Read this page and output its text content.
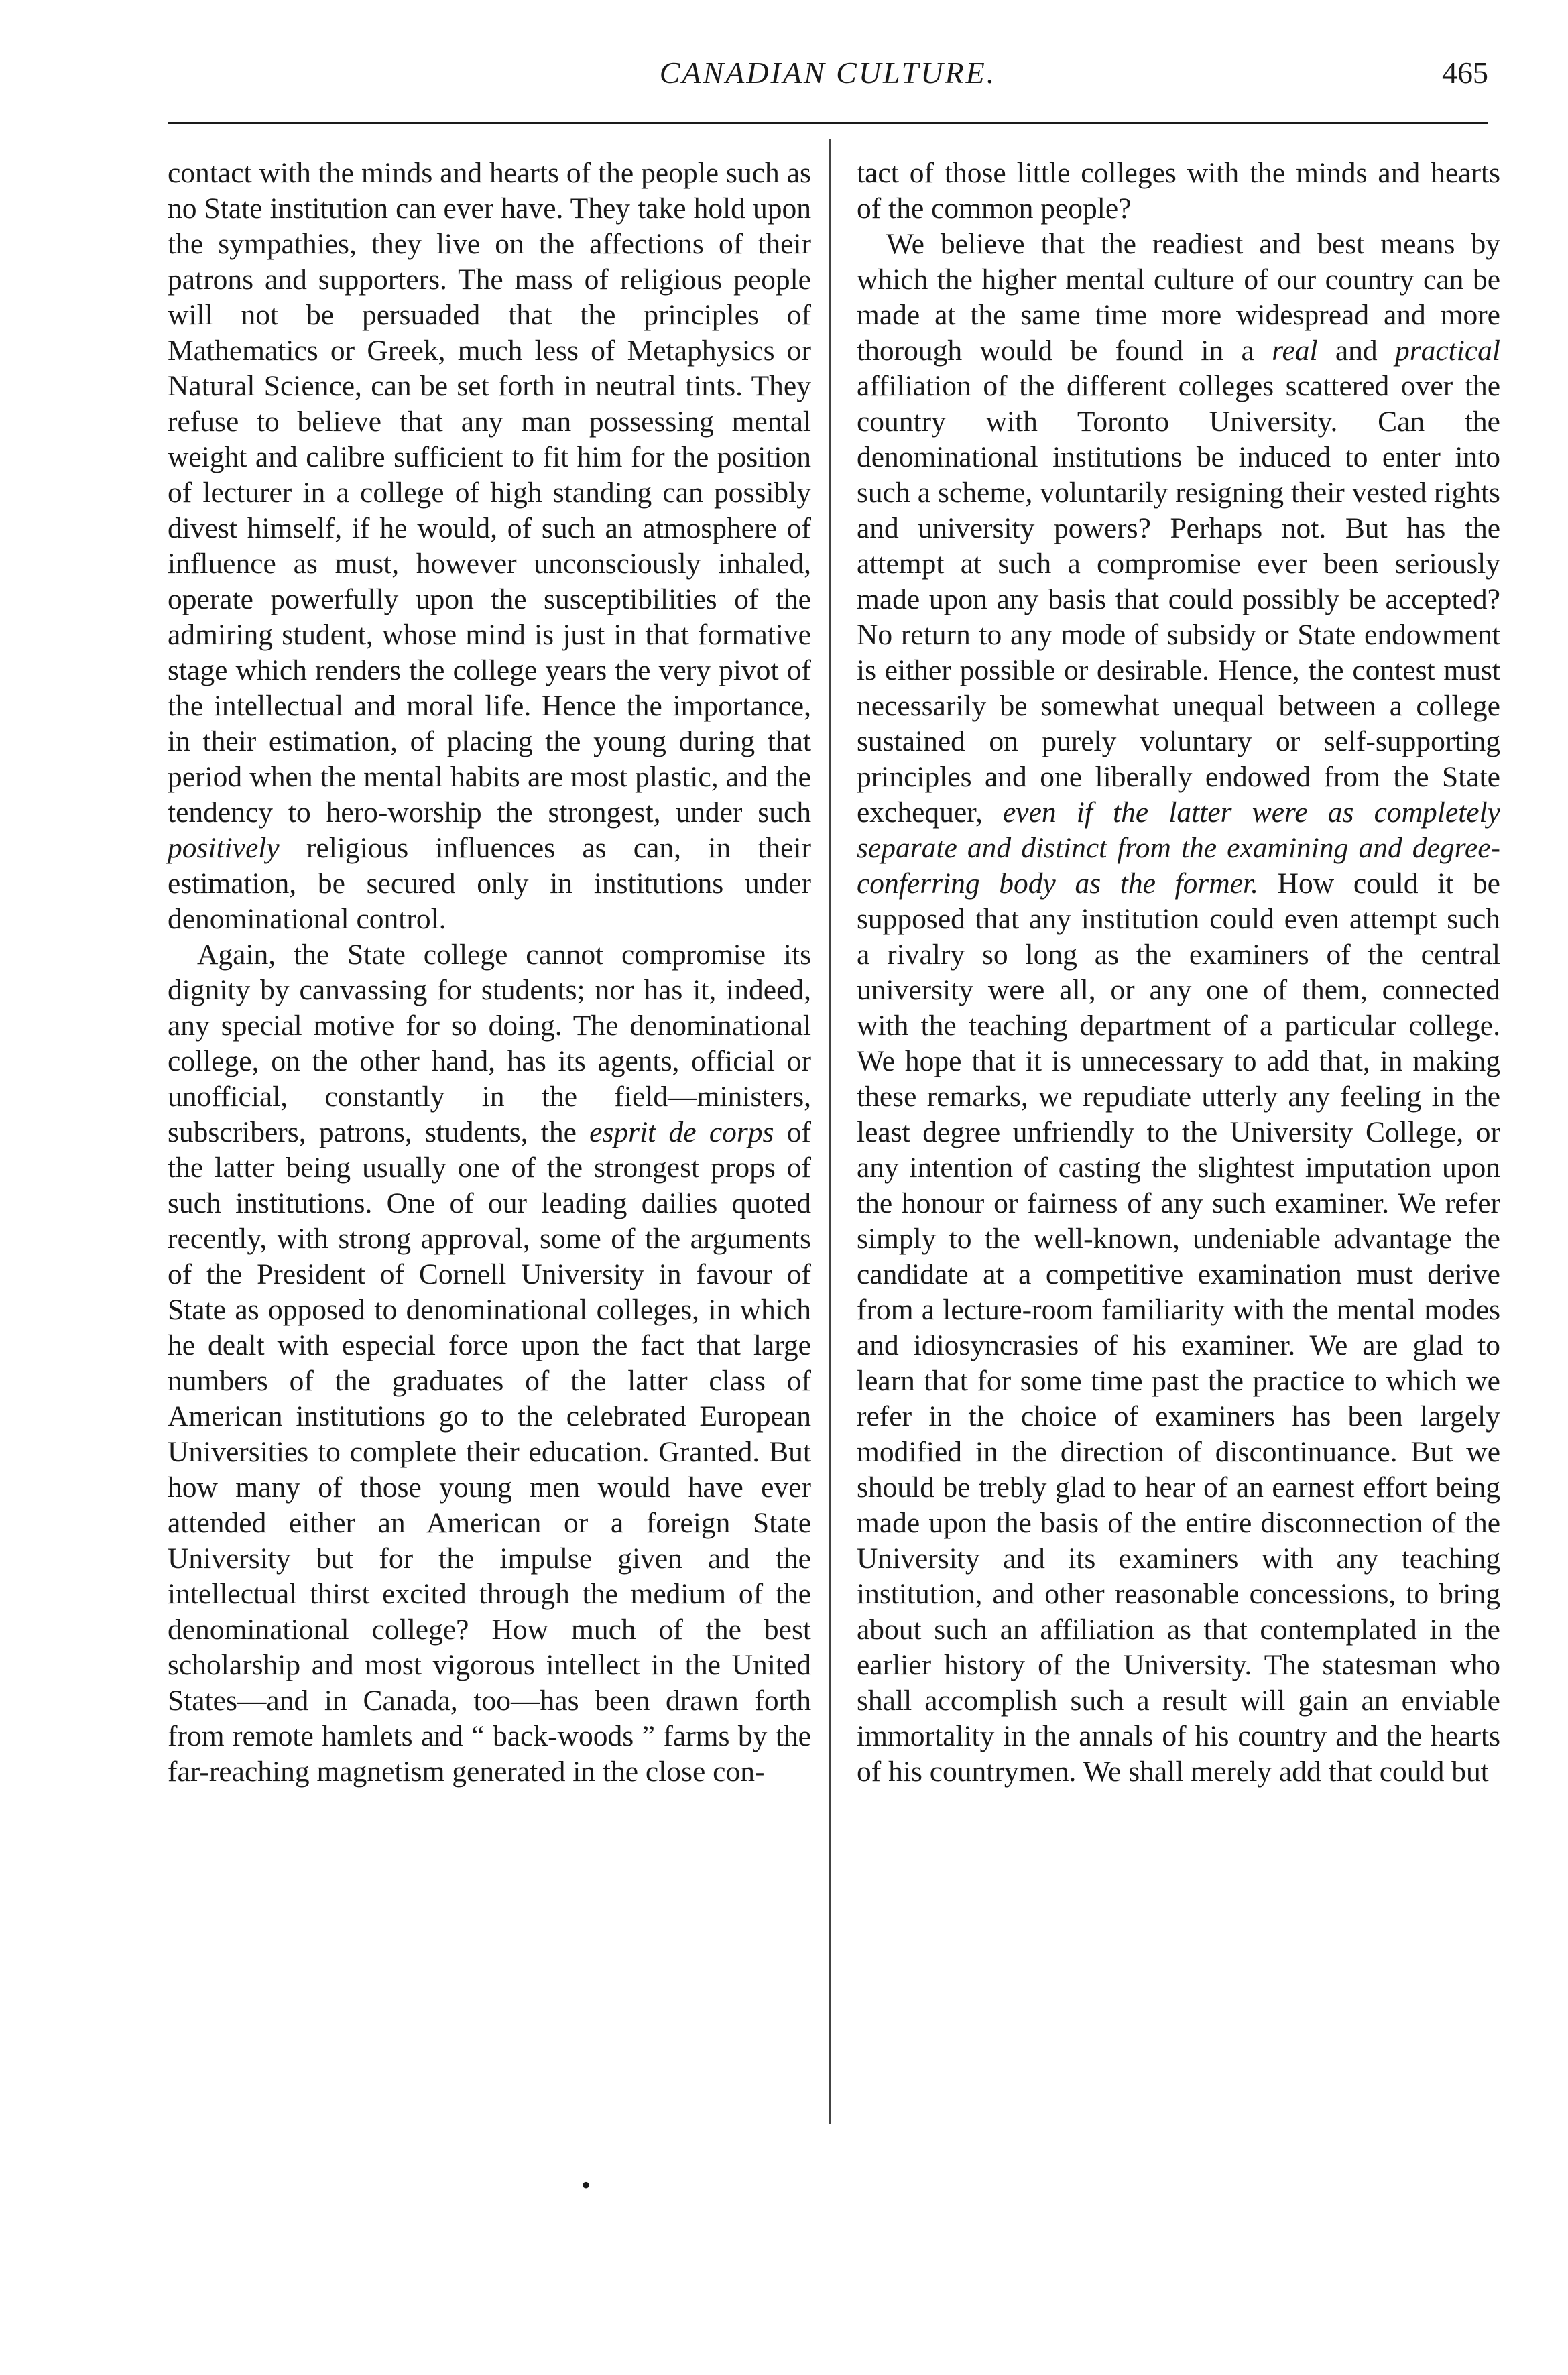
CANADIAN CULTURE.	465

contact with the minds and hearts of the people such as no State institution can ever have. They take hold upon the sympathies, they live on the affections of their patrons and supporters. The mass of religious people will not be persuaded that the principles of Mathematics or Greek, much less of Metaphysics or Natural Science, can be set forth in neutral tints. They refuse to believe that any man possessing mental weight and calibre sufficient to fit him for the position of lecturer in a college of high standing can possibly divest himself, if he would, of such an atmosphere of influence as must, however unconsciously inhaled, operate powerfully upon the susceptibilities of the admiring student, whose mind is just in that formative stage which renders the college years the very pivot of the intellectual and moral life. Hence the importance, in their estimation, of placing the young during that period when the mental habits are most plastic, and the tendency to hero-worship the strongest, under such positively religious influences as can, in their estimation, be secured only in institutions under denominational control.

Again, the State college cannot compromise its dignity by canvassing for students; nor has it, indeed, any special motive for so doing. The denominational college, on the other hand, has its agents, official or unofficial, constantly in the field—ministers, subscribers, patrons, students, the esprit de corps of the latter being usually one of the strongest props of such institutions. One of our leading dailies quoted recently, with strong approval, some of the arguments of the President of Cornell University in favour of State as opposed to denominational colleges, in which he dealt with especial force upon the fact that large numbers of the graduates of the latter class of American institutions go to the celebrated European Universities to complete their education. Granted. But how many of those young men would have ever attended either an American or a foreign State University but for the impulse given and the intellectual thirst excited through the medium of the denominational college? How much of the best scholarship and most vigorous intellect in the United States—and in Canada, too—has been drawn forth from remote hamlets and “ back-woods ” farms by the far-reaching magnetism generated in the close con-

tact of those little colleges with the minds and hearts of the common people?

We believe that the readiest and best means by which the higher mental culture of our country can be made at the same time more widespread and more thorough would be found in a real and practical affiliation of the different colleges scattered over the country with Toronto University. Can the denominational institutions be induced to enter into such a scheme, voluntarily resigning their vested rights and university powers? Perhaps not. But has the attempt at such a compromise ever been seriously made upon any basis that could possibly be accepted? No return to any mode of subsidy or State endowment is either possible or desirable. Hence, the contest must necessarily be somewhat unequal between a college sustained on purely voluntary or self-supporting principles and one liberally endowed from the State exchequer, even if the latter were as completely separate and distinct from the examining and degree-conferring body as the former. How could it be supposed that any institution could even attempt such a rivalry so long as the examiners of the central university were all, or any one of them, connected with the teaching department of a particular college. We hope that it is unnecessary to add that, in making these remarks, we repudiate utterly any feeling in the least degree unfriendly to the University College, or any intention of casting the slightest imputation upon the honour or fairness of any such examiner. We refer simply to the well-known, undeniable advantage the candidate at a competitive examination must derive from a lecture-room familiarity with the mental modes and idiosyncrasies of his examiner. We are glad to learn that for some time past the practice to which we refer in the choice of examiners has been largely modified in the direction of discontinuance. But we should be trebly glad to hear of an earnest effort being made upon the basis of the entire disconnection of the University and its examiners with any teaching institution, and other reasonable concessions, to bring about such an affiliation as that contemplated in the earlier history of the University. The statesman who shall accomplish such a result will gain an enviable immortality in the annals of his country and the hearts of his countrymen. We shall merely add that could but

•
